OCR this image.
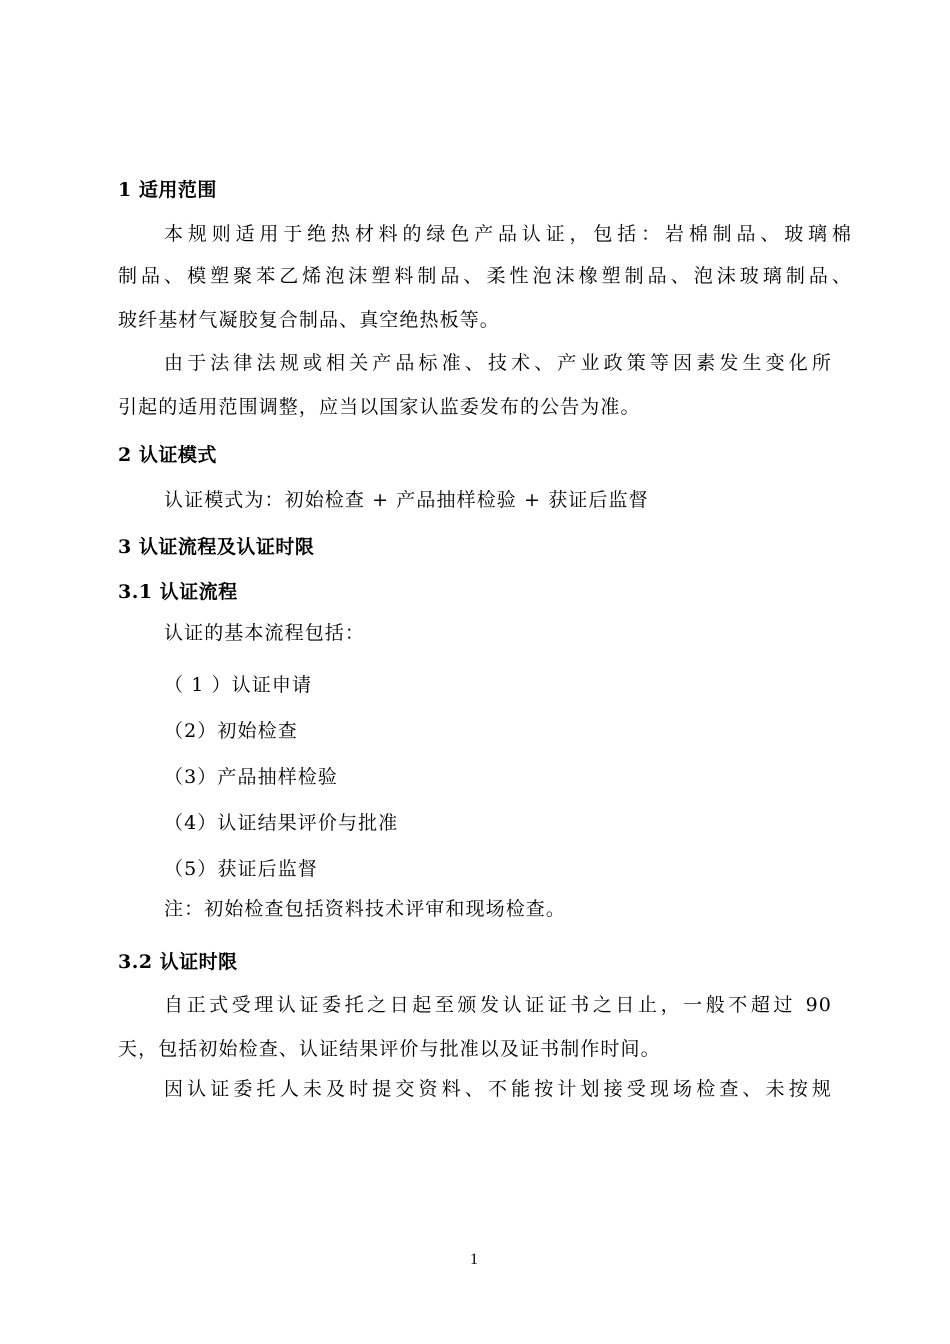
1 适用范围
本规则适用于绝热材料的绿色产品认证，包括：岩棉制品、玻璃棉
制品、模塑聚苯乙烯泡沫塑料制品、柔性泡沫橡塑制品、泡沫玻璃制品、
玻纤基材气凝胶复合制品、真空绝热板等。
由于法律法规或相关产品标准、技术、产业政策等因素发生变化所
引起的适用范围调整，应当以国家认监委发布的公告为准。
2 认证模式

认证模式为：初始检查 + 产品抽样检验 + 获证后监督

3 认证流程及认证时限
3.1 认证流程

认证的基本流程包括：

（ 1 ）认证申请

（2）初始检查

（3）产品抽样检验

（4）认证结果评价与批准

（5）获证后监督

注：初始检查包括资料技术评审和现场检查。

3.2 认证时限
自正式受理认证委托之日起至颁发认证证书之日止，一般不超过 90
天，包括初始检查、认证结果评价与批准以及证书制作时间。
因认证委托人未及时提交资料、不能按计划接受现场检查、未按规
1
